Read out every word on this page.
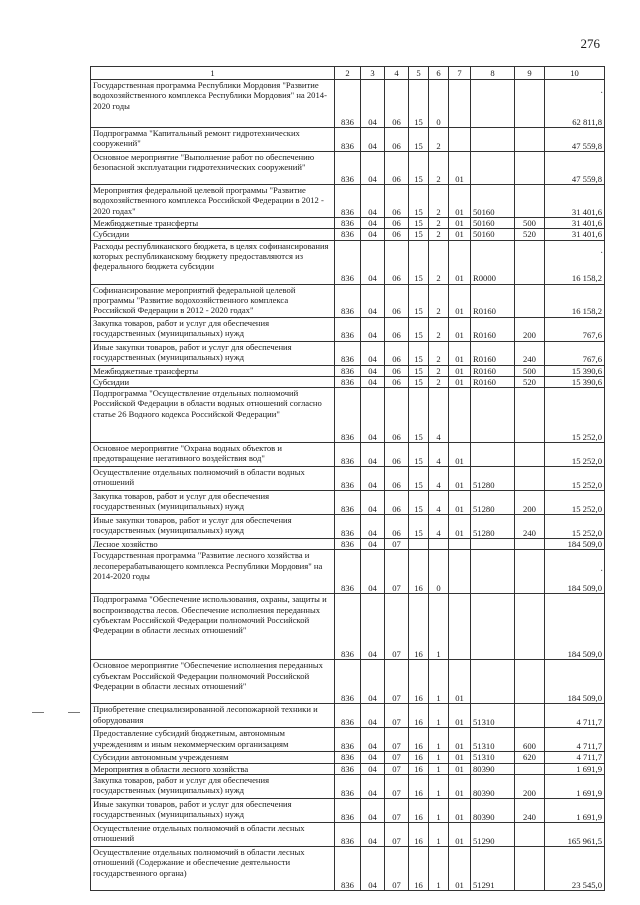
276
1	2	3	4	5	6	7	8	9	10
Государственная программа Республики Мордовия "Развитие водохозяйственного комплекса Республики Мордовия" на 2014-2020 годы	836	04	06	15	0				62 811,8
Подпрограмма "Капитальный ремонт гидротехнических сооружений"	836	04	06	15	2				47 559,8
Основное мероприятие "Выполнение работ по обеспечению безопасной эксплуатации гидротехнических сооружений"	836	04	06	15	2	01			47 559,8
Мероприятия федеральной целевой программы "Развитие водохозяйственного комплекса Российской Федерации в 2012 - 2020 годах"	836	04	06	15	2	01	50160		31 401,6
Межбюджетные трансферты	836	04	06	15	2	01	50160	500	31 401,6
Субсидии	836	04	06	15	2	01	50160	520	31 401,6
Расходы республиканского бюджета, в целях софинансирования которых республиканскому бюджету предоставляются из федерального бюджета субсидии	836	04	06	15	2	01	R0000		16 158,2
Софинансирование мероприятий федеральной целевой программы "Развитие водохозяйственного комплекса Российской Федерации в 2012 - 2020 годах"	836	04	06	15	2	01	R0160		16 158,2
Закупка товаров, работ и услуг для обеспечения государственных (муниципальных) нужд	836	04	06	15	2	01	R0160	200	767,6
Иные закупки товаров, работ и услуг для обеспечения государственных (муниципальных) нужд	836	04	06	15	2	01	R0160	240	767,6
Межбюджетные трансферты	836	04	06	15	2	01	R0160	500	15 390,6
Субсидии	836	04	06	15	2	01	R0160	520	15 390,6
Подпрограмма "Осуществление отдельных полномочий Российской Федерации в области водных отношений согласно статье 26 Водного кодекса Российской Федерации"	836	04	06	15	4				15 252,0
Основное мероприятие "Охрана водных объектов и предотвращение негативного воздействия вод"	836	04	06	15	4	01			15 252,0
Осуществление отдельных полномочий в области водных отношений	836	04	06	15	4	01	51280		15 252,0
Закупка товаров, работ и услуг для обеспечения государственных (муниципальных) нужд	836	04	06	15	4	01	51280	200	15 252,0
Иные закупки товаров, работ и услуг для обеспечения государственных (муниципальных) нужд	836	04	06	15	4	01	51280	240	15 252,0
Лесное хозяйство	836	04	07						184 509,0
Государственная программа "Развитие лесного хозяйства и лесоперерабатывающего комплекса Республики Мордовия" на 2014-2020 годы	836	04	07	16	0				184 509,0
Подпрограмма "Обеспечение использования, охраны, защиты и воспроизводства лесов. Обеспечение исполнения переданных субъектам Российской Федерации полномочий Российской Федерации в области лесных отношений"	836	04	07	16	1				184 509,0
Основное мероприятие "Обеспечение исполнения переданных субъектам Российской Федерации полномочий Российской Федерации в области лесных отношений"	836	04	07	16	1	01			184 509,0
Приобретение специализированной лесопожарной техники и оборудования	836	04	07	16	1	01	51310		4 711,7
Предоставление субсидий бюджетным, автономным учреждениям и иным некоммерческим организациям	836	04	07	16	1	01	51310	600	4 711,7
Субсидии автономным учреждениям	836	04	07	16	1	01	51310	620	4 711,7
Мероприятия в области лесного хозяйства	836	04	07	16	1	01	80390		1 691,9
Закупка товаров, работ и услуг для обеспечения государственных (муниципальных) нужд	836	04	07	16	1	01	80390	200	1 691,9
Иные закупки товаров, работ и услуг для обеспечения государственных (муниципальных) нужд	836	04	07	16	1	01	80390	240	1 691,9
Осуществление отдельных полномочий в области лесных отношений	836	04	07	16	1	01	51290		165 961,5
Осуществление отдельных полномочий в области лесных отношений (Содержание и обеспечение деятельности государственного органа)	836	04	07	16	1	01	51291		23 545,0
·
·
·
